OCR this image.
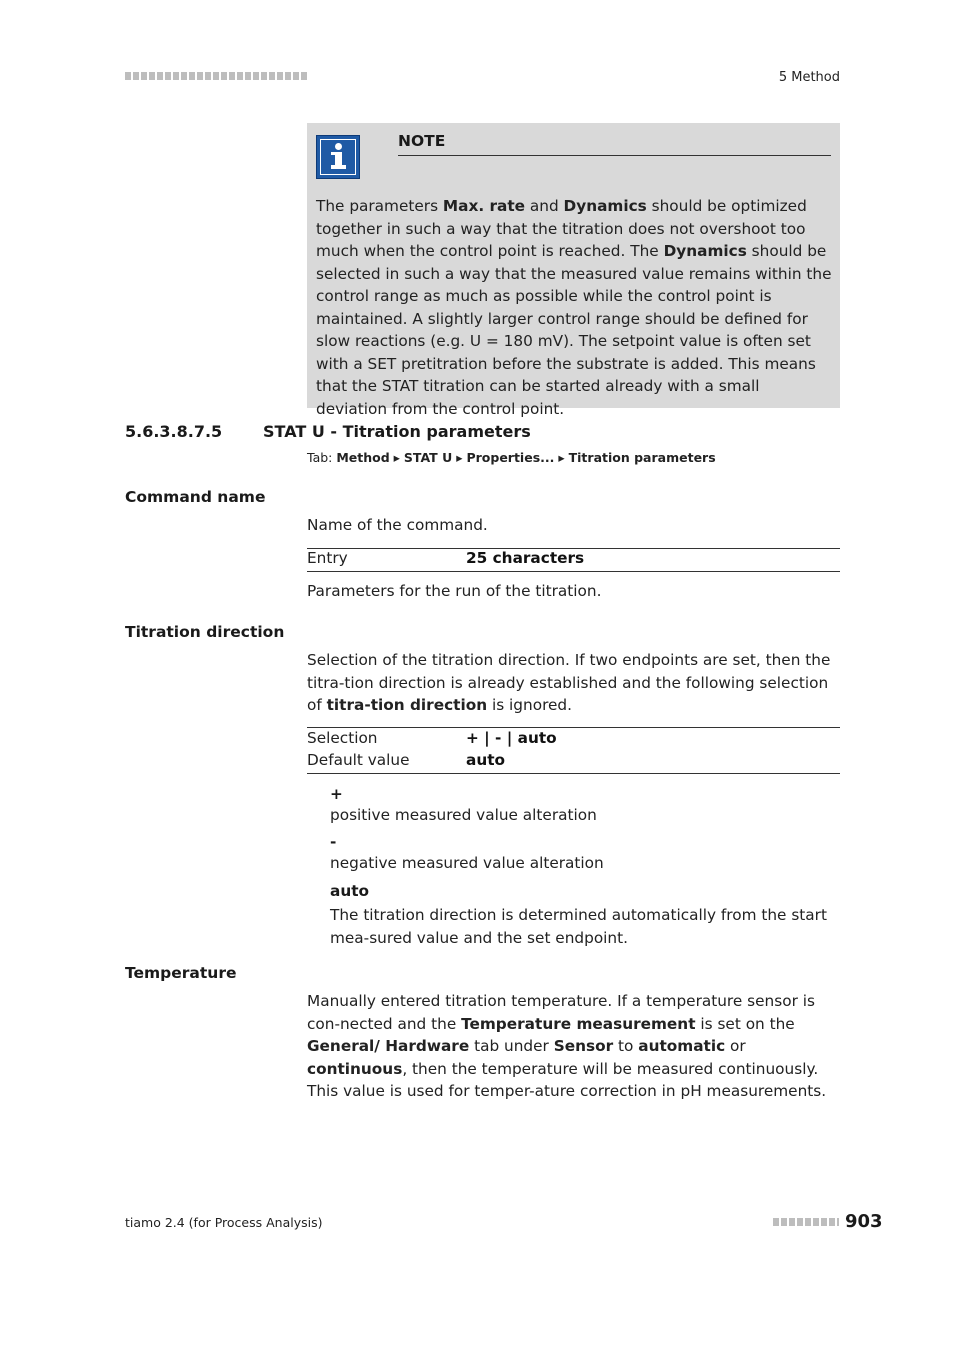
5 Method
NOTE
The parameters Max. rate and Dynamics should be optimized together in such a way that the titration does not overshoot too much when the control point is reached. The Dynamics should be selected in such a way that the measured value remains within the control range as much as possible while the control point is maintained. A slightly larger control range should be defined for slow reactions (e.g. U = 180 mV). The setpoint value is often set with a SET pretitration before the substrate is added. This means that the STAT titration can be started already with a small deviation from the control point.
5.6.3.8.7.5	STAT U - Titration parameters
Tab: Method ▸ STAT U ▸ Properties... ▸ Titration parameters
Command name
Name of the command.
Entry	25 characters
Parameters for the run of the titration.
Titration direction
Selection of the titration direction. If two endpoints are set, then the titra-tion direction is already established and the following selection of titra-tion direction is ignored.
Selection	+ | - | auto
Default value	auto
+
positive measured value alteration
-
negative measured value alteration
auto
The titration direction is determined automatically from the start mea-sured value and the set endpoint.
Temperature
Manually entered titration temperature. If a temperature sensor is con-nected and the Temperature measurement is set on the General/ Hardware tab under Sensor to automatic or continuous, then the temperature will be measured continuously. This value is used for temper-ature correction in pH measurements.
tiamo 2.4 (for Process Analysis)	903
